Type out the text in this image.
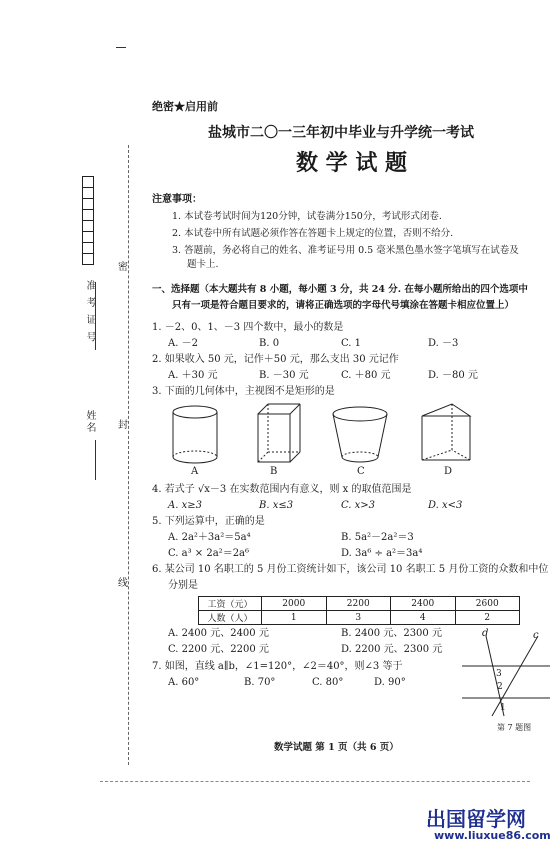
准 考 证 号
姓名
密
封
线
绝密★启用前
盐城市二〇一三年初中毕业与升学统一考试
数 学 试 题
注意事项：
1. 本试卷考试时间为120分钟，试卷满分150分，考试形式闭卷.
2. 本试卷中所有试题必须作答在答题卡上规定的位置，否则不给分.
3. 答题前，务必将自己的姓名、准考证号用 0.5 毫米黑色墨水签字笔填写在试卷及
题卡上.
一、选择题（本大题共有 8 小题，每小题 3 分，共 24 分. 在每小题所给出的四个选项中
只有一项是符合题目要求的，请将正确选项的字母代号填涂在答题卡相应位置上）
1. －2、0、1、－3 四个数中，最小的数是
A. －2	B. 0	C. 1	D. －3
2. 如果收入 50 元，记作＋50 元，那么支出 30 元记作
A. ＋30 元	B. －30 元	C. ＋80 元	D. －80 元
3. 下面的几何体中，主视图不是矩形的是
A	B	C	D
4. 若式子 √x－3 在实数范围内有意义，则 x 的取值范围是
A. x≥3	B. x≤3	C. x>3	D. x<3
5. 下列运算中，正确的是
A. 2a²＋3a²＝5a⁴	B. 5a²－2a²＝3
C. a³ × 2a²＝2a⁶	D. 3a⁶ ÷ a²＝3a⁴
6. 某公司 10 名职工的 5 月份工资统计如下，该公司 10 名职工 5 月份工资的众数和中位
分别是
工资（元）	2000	2200	2400	2600
人数（人）	1	3	4	2
A. 2400 元、2400 元	B. 2400 元、2300 元
C. 2200 元、2200 元	D. 2200 元、2300 元
7. 如图，直线 a∥b，∠1=120°，∠2＝40°，则∠3 等于
A. 60°	B. 70°	C. 80°	D. 90°
d	c
3
2
1
第 7 题图
数学试题 第 1 页（共 6 页）
出国留学网
www.liuxue86.com
